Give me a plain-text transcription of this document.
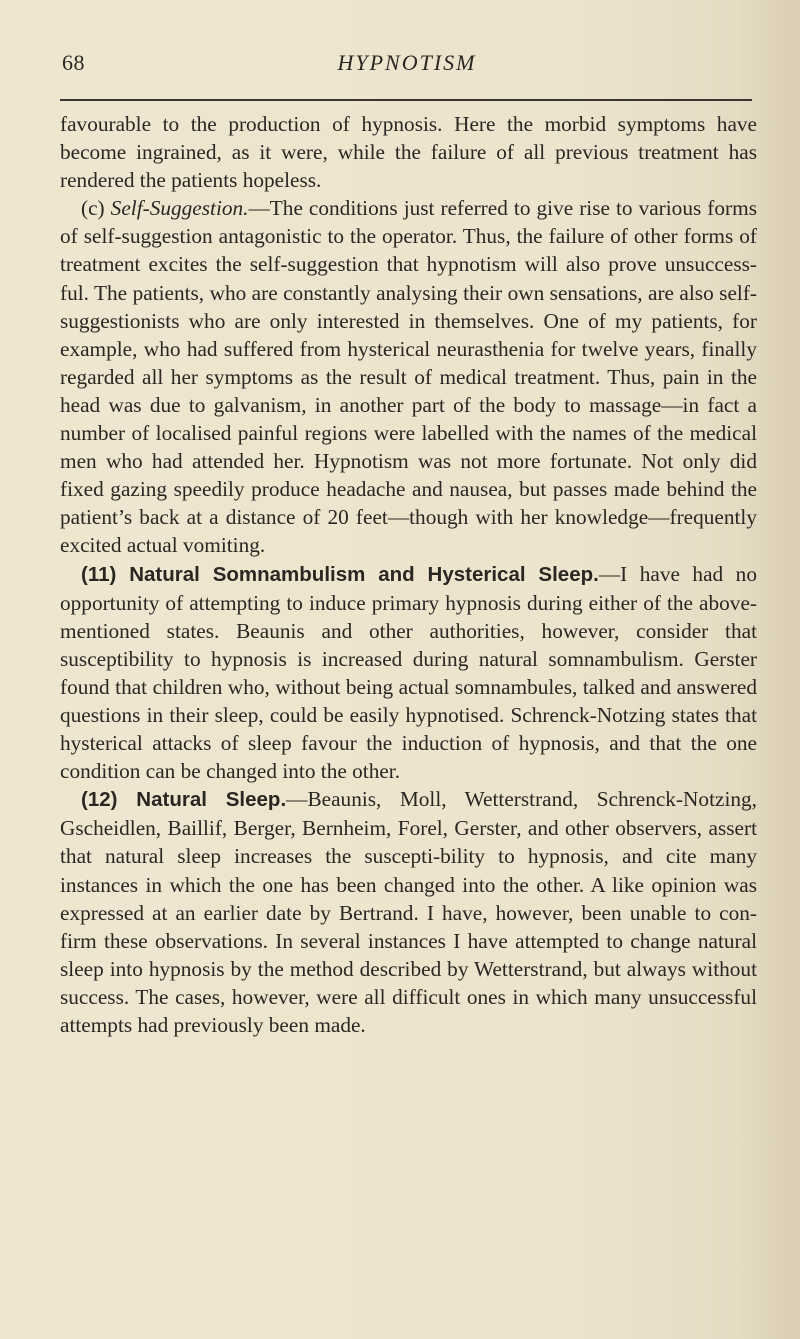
68	HYPNOTISM

favourable to the production of hypnosis. Here the morbid symptoms have become ingrained, as it were, while the failure of all previous treatment has rendered the patients hopeless.

(c) Self-Suggestion.—The conditions just referred to give rise to various forms of self-suggestion antagonistic to the operator. Thus, the failure of other forms of treatment excites the self-suggestion that hypnotism will also prove unsuccess-ful. The patients, who are constantly analysing their own sensations, are also self-suggestionists who are only interested in themselves. One of my patients, for example, who had suffered from hysterical neurasthenia for twelve years, finally regarded all her symptoms as the result of medical treatment. Thus, pain in the head was due to galvanism, in another part of the body to massage—in fact a number of localised painful regions were labelled with the names of the medical men who had attended her. Hypnotism was not more fortunate. Not only did fixed gazing speedily produce headache and nausea, but passes made behind the patient’s back at a distance of 20 feet—though with her knowledge—frequently excited actual vomiting.

(11) Natural Somnambulism and Hysterical Sleep.—I have had no opportunity of attempting to induce primary hypnosis during either of the above-mentioned states. Beaunis and other authorities, however, consider that susceptibility to hypnosis is increased during natural somnambulism. Gerster found that children who, without being actual somnambules, talked and answered questions in their sleep, could be easily hypnotised. Schrenck-Notzing states that hysterical attacks of sleep favour the induction of hypnosis, and that the one condition can be changed into the other.

(12) Natural Sleep.—Beaunis, Moll, Wetterstrand, Schrenck-Notzing, Gscheidlen, Baillif, Berger, Bernheim, Forel, Gerster, and other observers, assert that natural sleep increases the suscepti-bility to hypnosis, and cite many instances in which the one has been changed into the other. A like opinion was expressed at an earlier date by Bertrand. I have, however, been unable to con-firm these observations. In several instances I have attempted to change natural sleep into hypnosis by the method described by Wetterstrand, but always without success. The cases, however, were all difficult ones in which many unsuccessful attempts had previously been made.
